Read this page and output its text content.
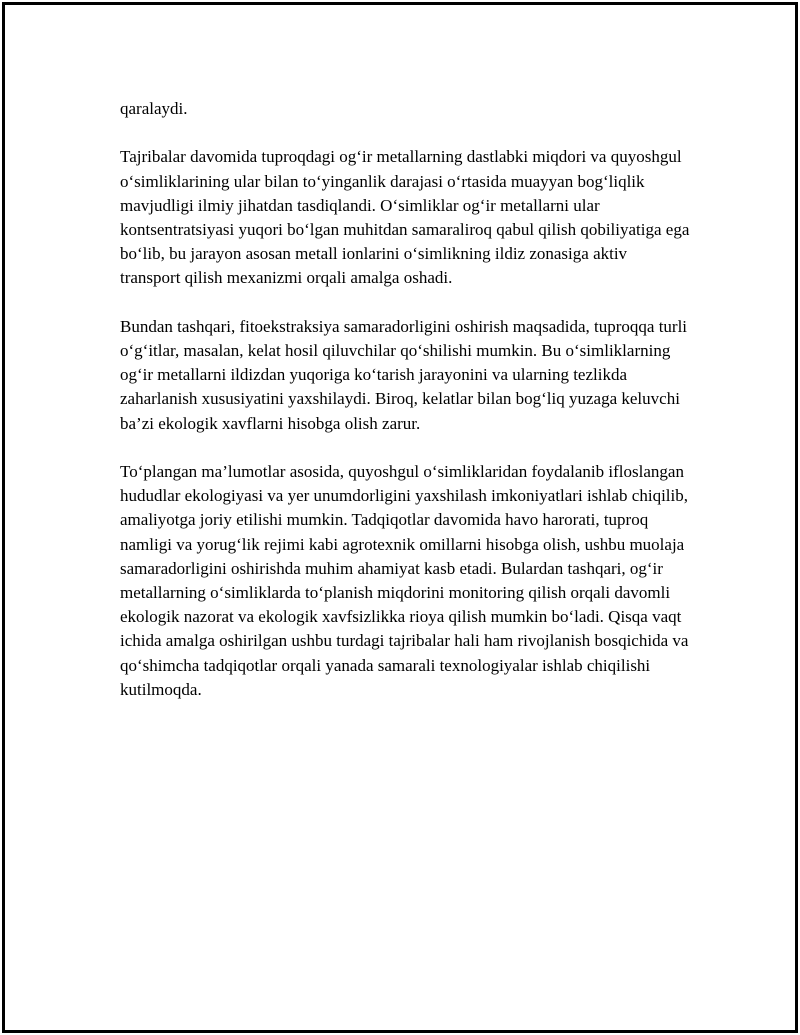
qaralaydi.

Tajribalar davomida tuproqdagi og‘ir metallarning dastlabki miqdori va quyoshgul o‘simliklarining ular bilan to‘yinganlik darajasi o‘rtasida muayyan bog‘liqlik mavjudligi ilmiy jihatdan tasdiqlandi. O‘simliklar og‘ir metallarni ular kontsentratsiyasi yuqori bo‘lgan muhitdan samaraliroq qabul qilish qobiliyatiga ega bo‘lib, bu jarayon asosan metall ionlarini o‘simlikning ildiz zonasiga aktiv transport qilish mexanizmi orqali amalga oshadi.

Bundan tashqari, fitoekstraksiya samaradorligini oshirish maqsadida, tuproqqa turli o‘g‘itlar, masalan, kelat hosil qiluvchilar qo‘shilishi mumkin. Bu o‘simliklarning og‘ir metallarni ildizdan yuqoriga ko‘tarish jarayonini va ularning tezlikda zaharlanish xususiyatini yaxshilaydi. Biroq, kelatlar bilan bog‘liq yuzaga keluvchi ba’zi ekologik xavflarni hisobga olish zarur.

To‘plangan ma’lumotlar asosida, quyoshgul o‘simliklaridan foydalanib ifloslangan hududlar ekologiyasi va yer unumdorligini yaxshilash imkoniyatlari ishlab chiqilib, amaliyotga joriy etilishi mumkin. Tadqiqotlar davomida havo harorati, tuproq namligi va yorug‘lik rejimi kabi agrotexnik omillarni hisobga olish, ushbu muolaja samaradorligini oshirishda muhim ahamiyat kasb etadi. Bulardan tashqari, og‘ir metallarning o‘simliklarda to‘planish miqdorini monitoring qilish orqali davomli ekologik nazorat va ekologik xavfsizlikka rioya qilish mumkin bo‘ladi. Qisqa vaqt ichida amalga oshirilgan ushbu turdagi tajribalar hali ham rivojlanish bosqichida va qo‘shimcha tadqiqotlar orqali yanada samarali texnologiyalar ishlab chiqilishi kutilmoqda.
